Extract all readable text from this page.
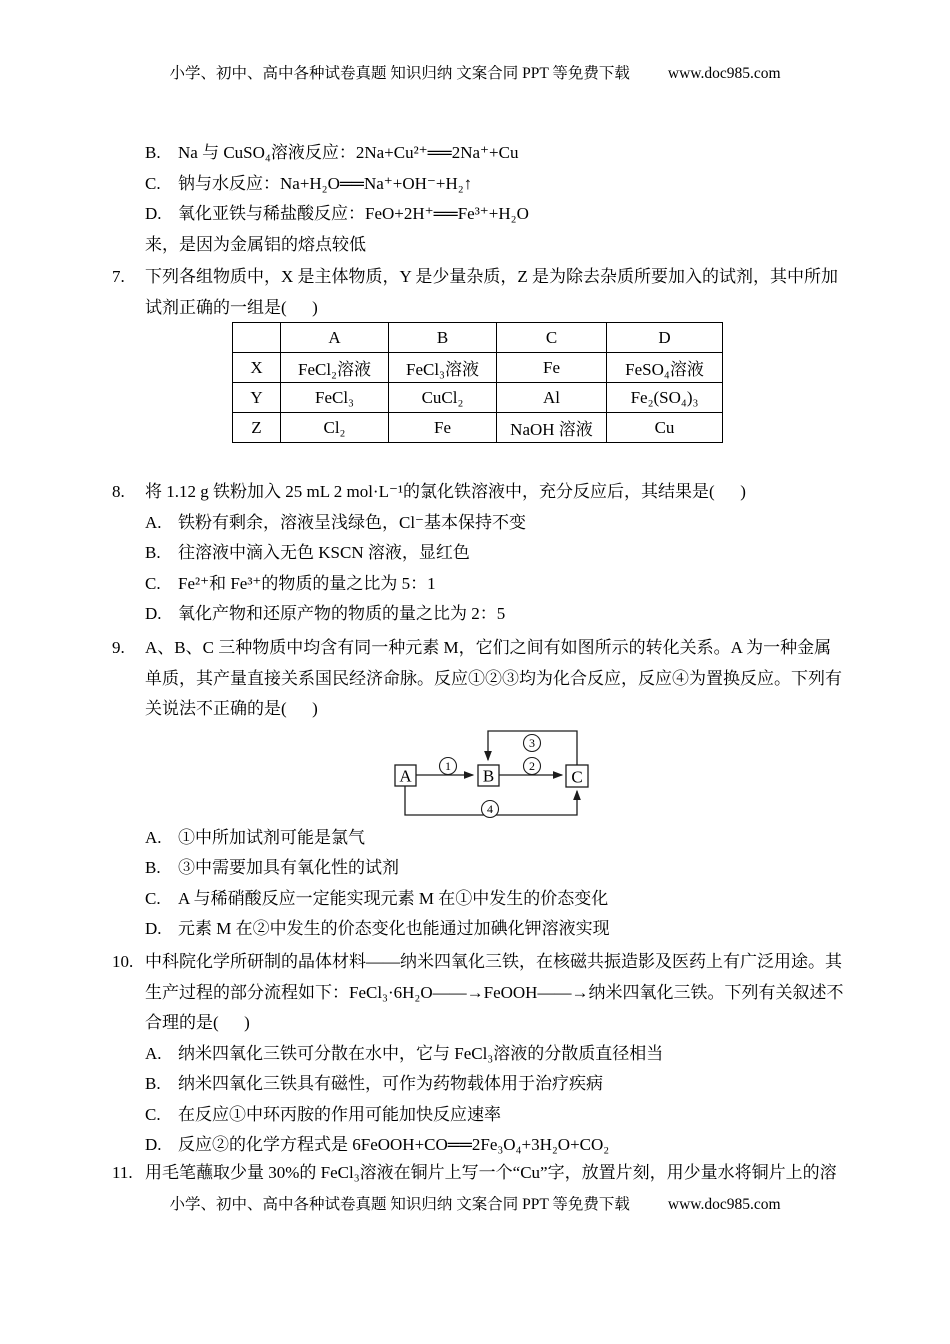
小学、初中、高中各种试卷真题 知识归纳 文案合同 PPT 等免费下载 www.doc985.com
B. Na 与 CuSO₄溶液反应：2Na+Cu²⁺══2Na⁺+Cu
C. 钠与水反应：Na+H₂O══Na⁺+OH⁻+H₂↑
D. 氧化亚铁与稀盐酸反应：FeO+2H⁺══Fe³⁺+H₂O
来，是因为金属铝的熔点较低
7. 下列各组物质中，X 是主体物质，Y 是少量杂质，Z 是为除去杂质所要加入的试剂，其中所加
试剂正确的一组是(      )
	A	B	C	D
X	FeCl₂溶液	FeCl₃溶液	Fe	FeSO₄溶液
Y	FeCl₃	CuCl₂	Al	Fe₂(SO₄)₃
Z	Cl₂	Fe	NaOH 溶液	Cu
8. 将 1.12 g 铁粉加入 25 mL 2 mol·L⁻¹的氯化铁溶液中，充分反应后，其结果是(      )
A. 铁粉有剩余，溶液呈浅绿色，Cl⁻基本保持不变
B. 往溶液中滴入无色 KSCN 溶液，显红色
C. Fe²⁺和 Fe³⁺的物质的量之比为 5：1
D. 氧化产物和还原产物的物质的量之比为 2：5
9. A、B、C 三种物质中均含有同一种元素 M，它们之间有如图所示的转化关系。A 为一种金属
单质，其产量直接关系国民经济命脉。反应①②③均为化合反应，反应④为置换反应。下列有
关说法不正确的是(      )
A	B	C
1	2
3
4
A. ①中所加试剂可能是氯气
B. ③中需要加具有氧化性的试剂
C. A 与稀硝酸反应一定能实现元素 M 在①中发生的价态变化
D. 元素 M 在②中发生的价态变化也能通过加碘化钾溶液实现
10. 中科院化学所研制的晶体材料——纳米四氧化三铁，在核磁共振造影及医药上有广泛用途。其
生产过程的部分流程如下：FeCl₃·6H₂O——→FeOOH——→纳米四氧化三铁。下列有关叙述不
合理的是(      )
A. 纳米四氧化三铁可分散在水中，它与 FeCl₃溶液的分散质直径相当
B. 纳米四氧化三铁具有磁性，可作为药物载体用于治疗疾病
C. 在反应①中环丙胺的作用可能加快反应速率
D. 反应②的化学方程式是 6FeOOH+CO══2Fe₃O₄+3H₂O+CO₂
11. 用毛笔蘸取少量 30%的 FeCl₃溶液在铜片上写一个“Cu”字，放置片刻，用少量水将铜片上的溶
小学、初中、高中各种试卷真题 知识归纳 文案合同 PPT 等免费下载 www.doc985.com
